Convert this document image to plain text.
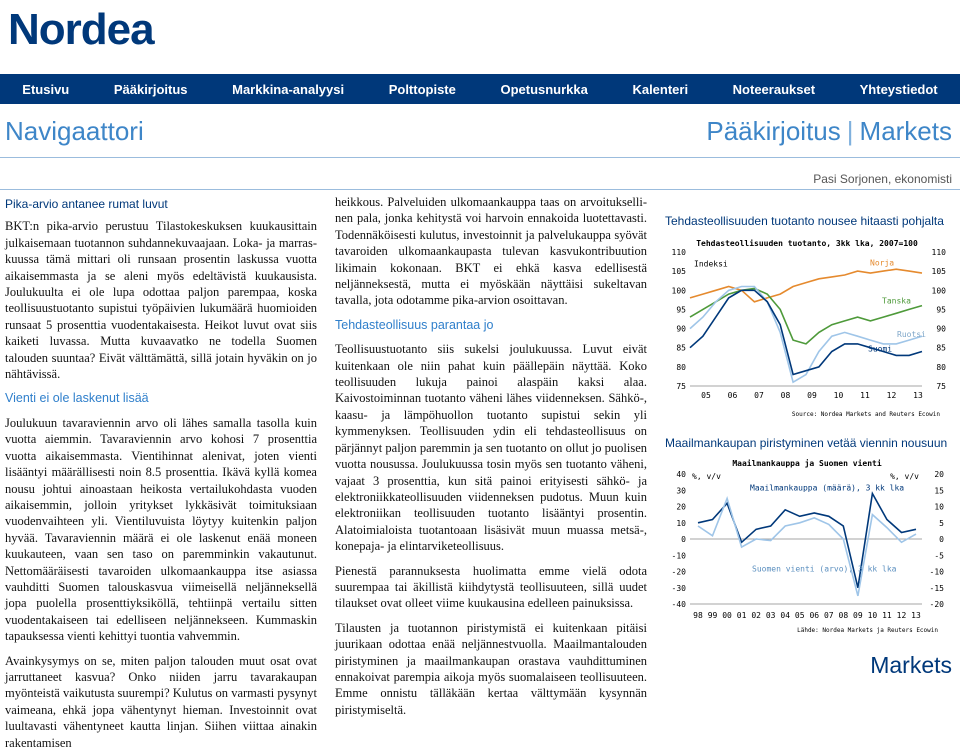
Nordea
Etusivu	Pääkirjoitus	Markkina-analyysi	Polttopiste	Opetusnurkka	Kalenteri	Noteeraukset	Yhteystiedot
Navigaattori	Pääkirjoitus | Markets
Pasi Sorjonen, ekonomisti
Pika-arvio antanee rumat luvut

BKT:n pika-arvio perustuu Tilastokeskuksen kuukausittain julkaisemaan tuotannon suhdannekuvaajaan. Loka- ja marras-kuussa tämä mittari oli runsaan prosentin laskussa vuotta aikaisemmasta ja se aleni myös edeltävistä kuukausista. Joulukuulta ei ole lupa odottaa paljon parempaa, koska teollisuustuotanto supistui työpäivien lukumäärä huomioiden runsaat 5 prosenttia vuodentakaisesta. Heikot luvut ovat siis kaiketi luvassa. Mutta kuvaavatko ne todella Suomen talouden suuntaa? Eivät välttämättä, sillä jotain hyväkin on jo nähtävissä.

Vienti ei ole laskenut lisää

Joulukuun tavaraviennin arvo oli lähes samalla tasolla kuin vuotta aiemmin. Tavaraviennin arvo kohosi 7 prosenttia vuotta aikaisemmasta. Vientihinnat alenivat, joten vienti lisääntyi määrällisesti noin 8.5 prosenttia. Ikävä kyllä komea nousu johtui ainoastaan heikosta vertailukohdasta vuoden aikaisemmin, jolloin yritykset lykkäsivät toimituksiaan vuodenvaihteen yli. Vientiluvuista löytyy kuitenkin paljon hyvää. Tavaraviennin määrä ei ole laskenut enää moneen kuukauteen, vaan sen taso on paremminkin vakautunut. Nettomääräisesti tavaroiden ulkomaankauppa itse asiassa vauhditti Suomen talouskasvua viimeisellä neljänneksellä jopa puolella prosenttiyksiköllä, tehtiinpä vertailu sitten vuodentakaiseen tai edelliseen neljännekseen. Kummaskin tapauksessa vienti kehittyi tuontia vahvemmin.

Avainkysymys on se, miten paljon talouden muut osat ovat jarruttaneet kasvua? Onko niiden jarru tavarakaupan myönteistä vaikutusta suurempi? Kulutus on varmasti pysynyt vaimeana, ehkä jopa vähentynyt hieman. Investoinnit ovat luultavasti vähentyneet kautta linjan. Siihen viittaa ainakin rakentamisen

heikkous. Palveluiden ulkomaankauppa taas on arvoitukselli-nen pala, jonka kehitystä voi harvoin ennakoida luotettavasti. Todennäköisesti kulutus, investoinnit ja palvelukauppa syövät tavaroiden ulkomaankaupasta tulevan kasvukontribuution likimain kokonaan. BKT ei ehkä kasva edellisestä neljänneksestä, mutta ei myöskään näyttäisi sukeltavan tavalla, jota odotamme pika-arvion osoittavan.

Tehdasteollisuus parantaa jo

Teollisuustuotanto siis sukelsi joulukuussa. Luvut eivät kuitenkaan ole niin pahat kuin päällepäin näyttää. Koko teollisuuden lukuja painoi alaspäin kaksi alaa. Kaivostoiminnan tuotanto väheni lähes viidenneksen. Sähkö-, kaasu- ja lämpöhuollon tuotanto supistui sekin yli kymmenyksen. Teollisuuden ydin eli tehdasteollisuus on pärjännyt paljon paremmin ja sen tuotanto on ollut jo puolisen vuotta nousussa. Joulukuussa tosin myös sen tuotanto väheni, vajaat 3 prosenttia, kun sitä painoi erityisesti sähkö- ja elektroniikkateollisuuden viidenneksen pudotus. Muun kuin elektroniikan teollisuuden tuotanto lisääntyi prosentin. Alatoimialoista tuotantoaan lisäsivät muun muassa metsä-, konepaja- ja elintarviketeollisuus.

Pienestä parannuksesta huolimatta emme vielä odota suurempaa tai äkillistä kiihdytystä teollisuuteen, sillä uudet tilaukset ovat olleet viime kuukausina edelleen painuksissa.

Tilausten ja tuotannon piristymistä ei kuitenkaan pitäisi juurikaan odottaa enää neljännestvuolla. Maailmantalouden piristyminen ja maailmankaupan orastava vauhdittuminen ennakoivat parempia aikoja myös suomalaiseen teollisuuteen. Emme onnistu tälläkään kertaa välttymään kysynnän piristymiseltä.

Tehdasteollisuuden tuotanto nousee hitaasti pohjalta
Tehdasteollisuuden tuotanto, 3kk lka, 2007=100
Indeksi
110	110
105	105
100	100
95	95
90	90
85	85
80	80
75	75
05 06 07 08 09 10 11 12 13
Norja
Tanska
Ruotsi
Suomi
Source: Nordea Markets and Reuters Ecowin
Maailmankaupan piristyminen vetää viennin nousuun
Maailmankauppa ja Suomen vienti
%, v/v	%, v/v
40
30
20
10
0
-10
-20
-30
-40
20
15
10
5
0
-5
-10
-15
-20
98 99 00 01 02 03 04 05 06 07 08 09 10 11 12 13
Maailmankauppa (määrä), 3 kk lka
Suomen vienti (arvo), 3 kk lka
Lähde: Nordea Markets ja Reuters Ecowin
Markets
